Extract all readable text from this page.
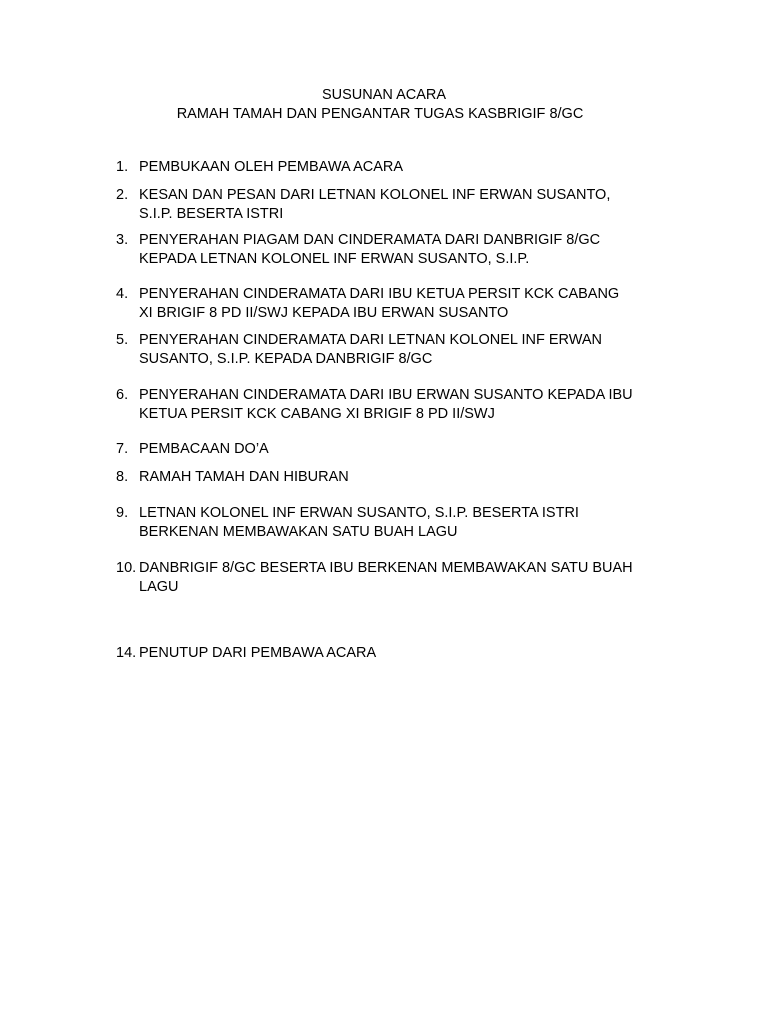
SUSUNAN ACARA
RAMAH TAMAH DAN PENGANTAR TUGAS KASBRIGIF 8/GC
1. PEMBUKAAN OLEH PEMBAWA ACARA
2. KESAN DAN PESAN DARI LETNAN KOLONEL INF ERWAN SUSANTO,
S.I.P. BESERTA ISTRI
3. PENYERAHAN PIAGAM DAN CINDERAMATA DARI DANBRIGIF 8/GC
KEPADA LETNAN KOLONEL INF ERWAN SUSANTO, S.I.P.
4. PENYERAHAN CINDERAMATA DARI IBU KETUA PERSIT KCK CABANG
XI BRIGIF 8 PD II/SWJ KEPADA IBU ERWAN SUSANTO
5. PENYERAHAN CINDERAMATA DARI LETNAN KOLONEL INF ERWAN
SUSANTO, S.I.P. KEPADA DANBRIGIF 8/GC
6. PENYERAHAN CINDERAMATA DARI IBU ERWAN SUSANTO KEPADA IBU
KETUA PERSIT KCK CABANG XI BRIGIF 8 PD II/SWJ
7. PEMBACAAN DO’A
8. RAMAH TAMAH DAN HIBURAN
9. LETNAN KOLONEL INF ERWAN SUSANTO, S.I.P. BESERTA ISTRI
BERKENAN MEMBAWAKAN SATU BUAH LAGU
10. DANBRIGIF 8/GC BESERTA IBU BERKENAN MEMBAWAKAN SATU BUAH
LAGU
14. PENUTUP DARI PEMBAWA ACARA
